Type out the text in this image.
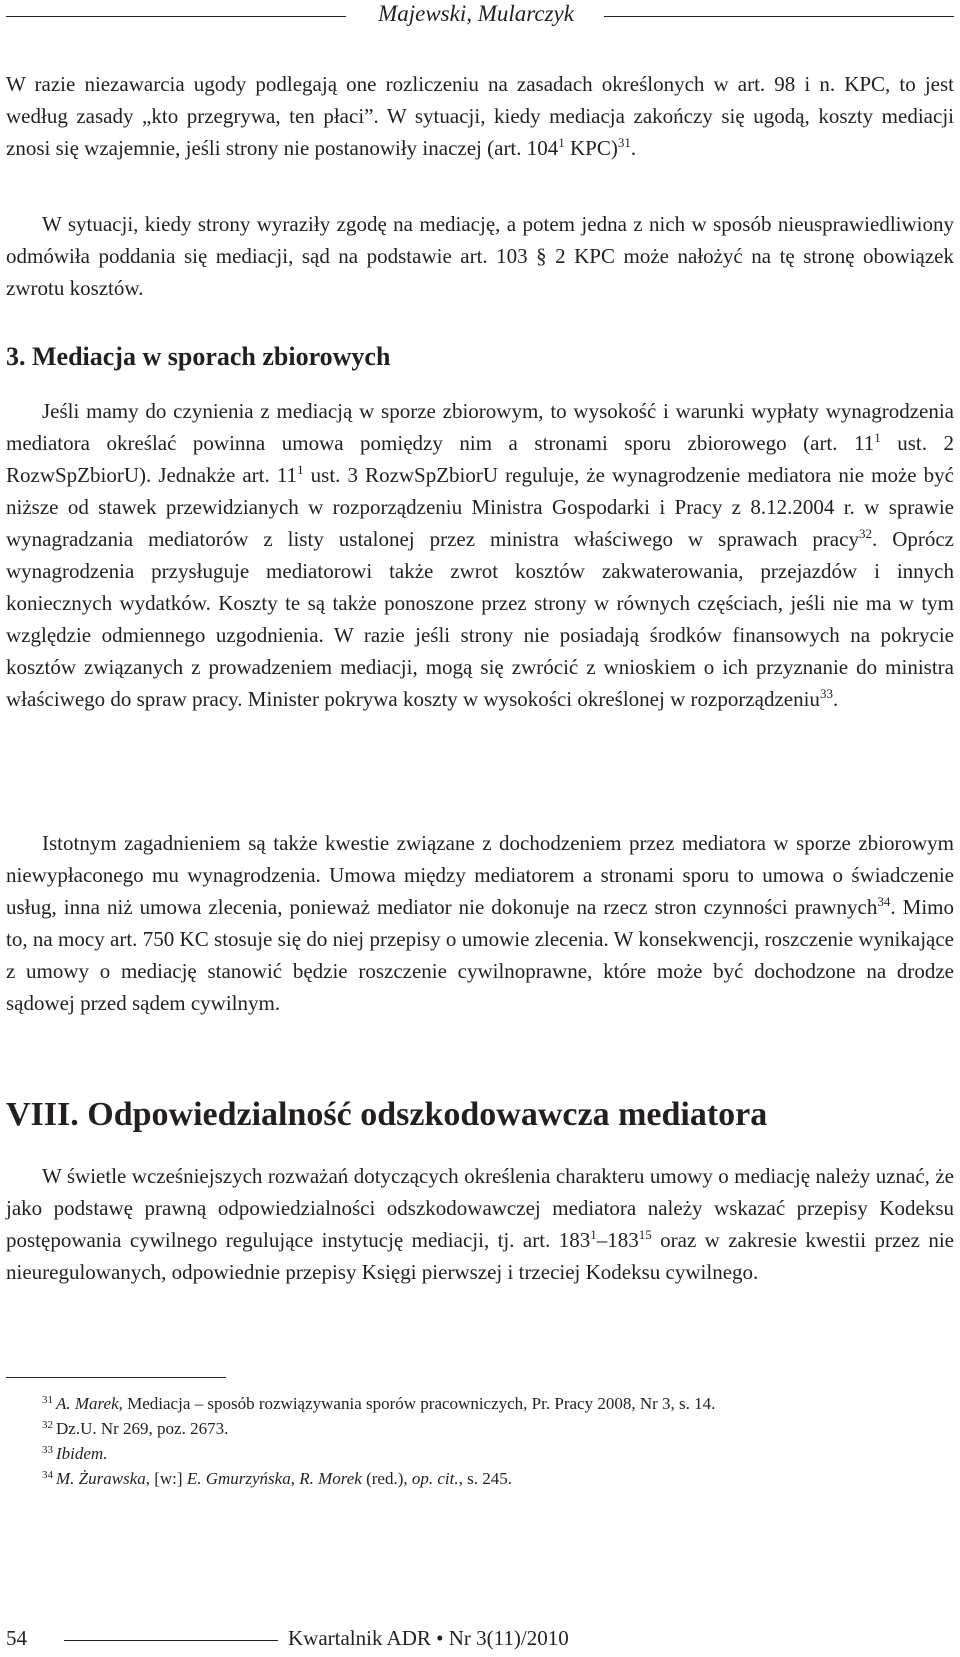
Majewski, Mularczyk

W razie niezawarcia ugody podlegają one rozliczeniu na zasadach określonych w art. 98 i n. KPC, to jest według zasady „kto przegrywa, ten płaci”. W sytuacji, kiedy mediacja zakończy się ugodą, koszty mediacji znosi się wzajemnie, jeśli strony nie postanowiły inaczej (art. $104^1$ KPC)$^{31}$.

W sytuacji, kiedy strony wyraziły zgodę na mediację, a potem jedna z nich w sposób nieusprawiedliwiony odmówiła poddania się mediacji, sąd na podstawie art. 103 § 2 KPC może nałożyć na tę stronę obowiązek zwrotu kosztów.

3. Mediacja w sporach zbiorowych

Jeśli mamy do czynienia z mediacją w sporze zbiorowym, to wysokość i warunki wypłaty wynagrodzenia mediatora określać powinna umowa pomiędzy nim a stronami sporu zbiorowego (art. $11^1$ ust. 2 RozwSpZbiorU). Jednakże art. $11^1$ ust. 3 RozwSpZbiorU reguluje, że wynagrodzenie mediatora nie może być niższe od stawek przewidzianych w rozporządzeniu Ministra Gospodarki i Pracy z 8.12.2004 r. w sprawie wynagradzania mediatorów z listy ustalonej przez ministra właściwego w sprawach pracy$^{32}$. Oprócz wynagrodzenia przysługuje mediatorowi także zwrot kosztów zakwaterowania, przejazdów i innych koniecznych wydatków. Koszty te są także ponoszone przez strony w równych częściach, jeśli nie ma w tym względzie odmiennego uzgodnienia. W razie jeśli strony nie posiadają środków finansowych na pokrycie kosztów związanych z prowadzeniem mediacji, mogą się zwrócić z wnioskiem o ich przyznanie do ministra właściwego do spraw pracy. Minister pokrywa koszty w wysokości określonej w rozporządzeniu$^{33}$.

Istotnym zagadnieniem są także kwestie związane z dochodzeniem przez mediatora w sporze zbiorowym niewypłaconego mu wynagrodzenia. Umowa między mediatorem a stronami sporu to umowa o świadczenie usług, inna niż umowa zlecenia, ponieważ mediator nie dokonuje na rzecz stron czynności prawnych$^{34}$. Mimo to, na mocy art. 750 KC stosuje się do niej przepisy o umowie zlecenia. W konsekwencji, roszczenie wynikające z umowy o mediację stanowić będzie roszczenie cywilnoprawne, które może być dochodzone na drodze sądowej przed sądem cywilnym.

VIII. Odpowiedzialność odszkodowawcza mediatora

W świetle wcześniejszych rozważań dotyczących określenia charakteru umowy o mediację należy uznać, że jako podstawę prawną odpowiedzialności odszkodowawczej mediatora należy wskazać przepisy Kodeksu postępowania cywilnego regulujące instytucję mediacji, tj. art. $183^1-183^{15}$ oraz w zakresie kwestii przez nie nieuregulowanych, odpowiednie przepisy Księgi pierwszej i trzeciej Kodeksu cywilnego.

$^{31}$ A. Marek, Mediacja – sposób rozwiązywania sporów pracowniczych, Pr. Pracy 2008, Nr 3, s. 14.
$^{32}$ Dz.U. Nr 269, poz. 2673.
$^{33}$ Ibidem.
$^{34}$ M. Żurawska, [w:] E. Gmurzyńska, R. Morek (red.), op. cit., s. 245.
54	Kwartalnik ADR • Nr 3(11)/2010
